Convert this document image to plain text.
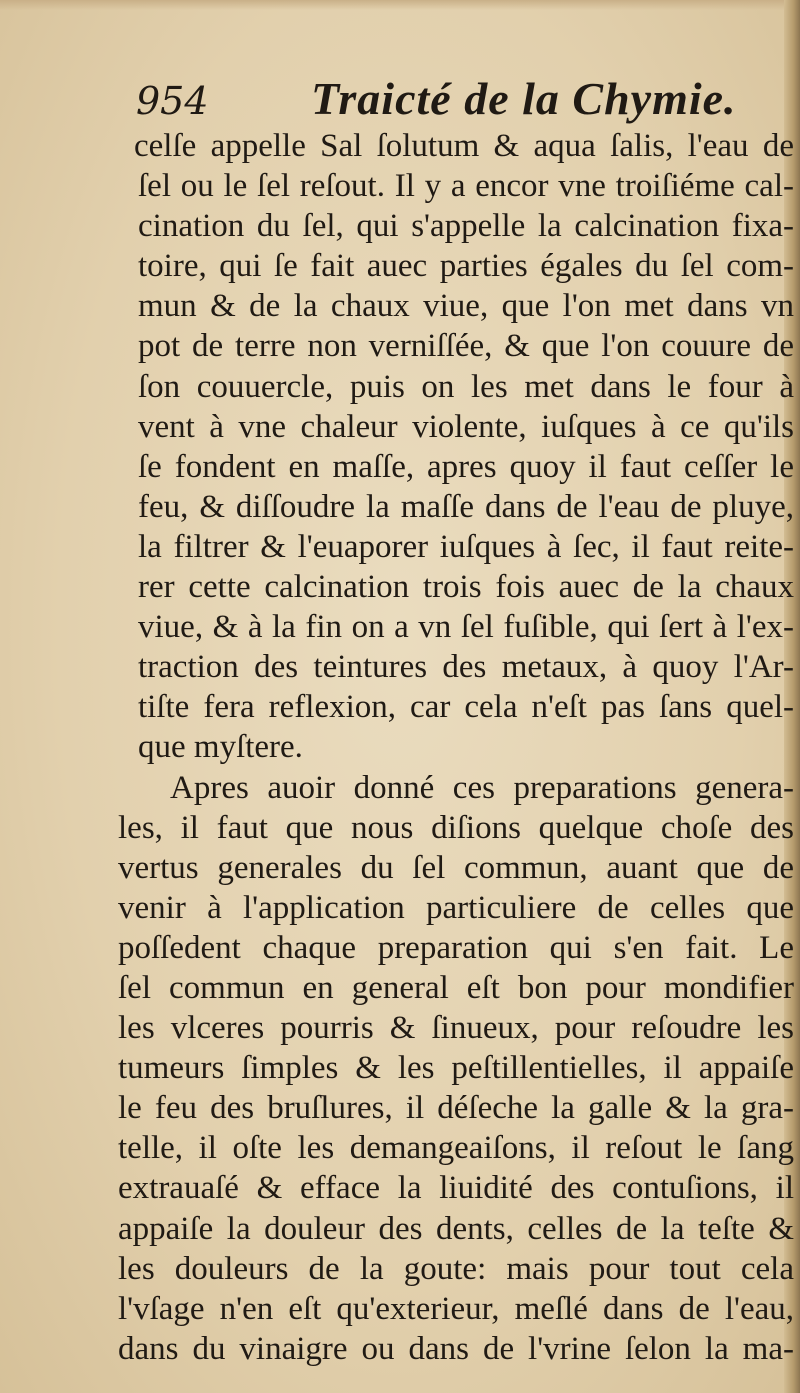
954 Traicté de la Chymie.
celſe appelle Sal ſolutum & aqua ſalis, l'eau de
ſel ou le ſel reſout. Il y a encor vne troiſiéme cal-
cination du ſel, qui s'appelle la calcination fixa-
toire, qui ſe fait auec parties égales du ſel com-
mun & de la chaux viue, que l'on met dans vn
pot de terre non verniſſée, & que l'on couure de
ſon couuercle, puis on les met dans le four à
vent à vne chaleur violente, iuſques à ce qu'ils
ſe fondent en maſſe, apres quoy il faut ceſſer le
feu, & diſſoudre la maſſe dans de l'eau de pluye,
la filtrer & l'euaporer iuſques à ſec, il faut reite-
rer cette calcination trois fois auec de la chaux
viue, & à la fin on a vn ſel fuſible, qui ſert à l'ex-
traction des teintures des metaux, à quoy l'Ar-
tiſte fera reflexion, car cela n'eſt pas ſans quel-
que myſtere.
Apres auoir donné ces preparations genera-
les, il faut que nous diſions quelque choſe des
vertus generales du ſel commun, auant que de
venir à l'application particuliere de celles que
poſſedent chaque preparation qui s'en fait. Le
ſel commun en general eſt bon pour mondifier
les vlceres pourris & ſinueux, pour reſoudre les
tumeurs ſimples & les peſtillentielles, il appaiſe
le feu des bruſlures, il déſeche la galle & la gra-
telle, il oſte les demangeaiſons, il reſout le ſang
extrauaſé & efface la liuidité des contuſions, il
appaiſe la douleur des dents, celles de la teſte &
les douleurs de la goute: mais pour tout cela
l'vſage n'en eſt qu'exterieur, meſlé dans de l'eau,
dans du vinaigre ou dans de l'vrine ſelon la ma-
